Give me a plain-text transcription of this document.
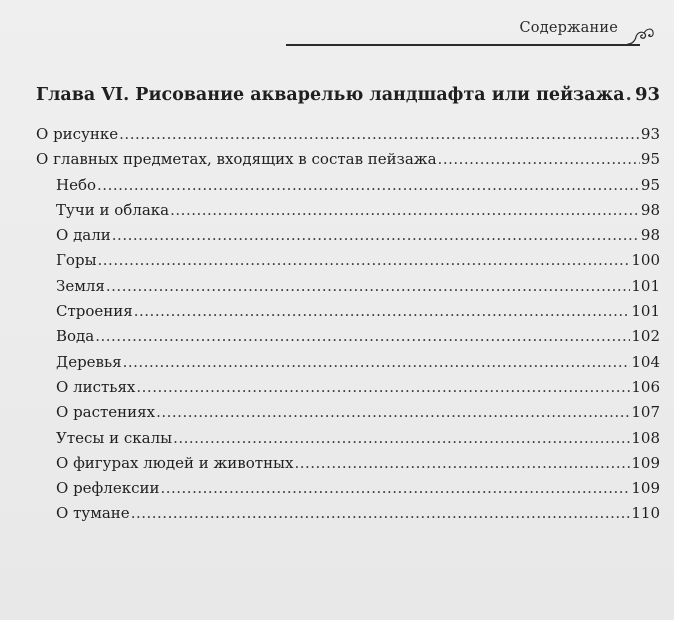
Содержание
Глава VI. Рисование акварелью ландшафта или пейзажа ..... 93
О рисунке .....	93
О главных предметах, входящих в состав пейзажа .....	95
Небо .....	95
Тучи и облака .....	98
О дали .....	98
Горы .....	100
Земля .....	101
Строения .....	101
Вода .....	102
Деревья .....	104
О листьях .....	106
О растениях .....	107
Утесы и скалы .....	108
О фигурах людей и животных .....	109
О рефлексии .....	109
О тумане .....	110
